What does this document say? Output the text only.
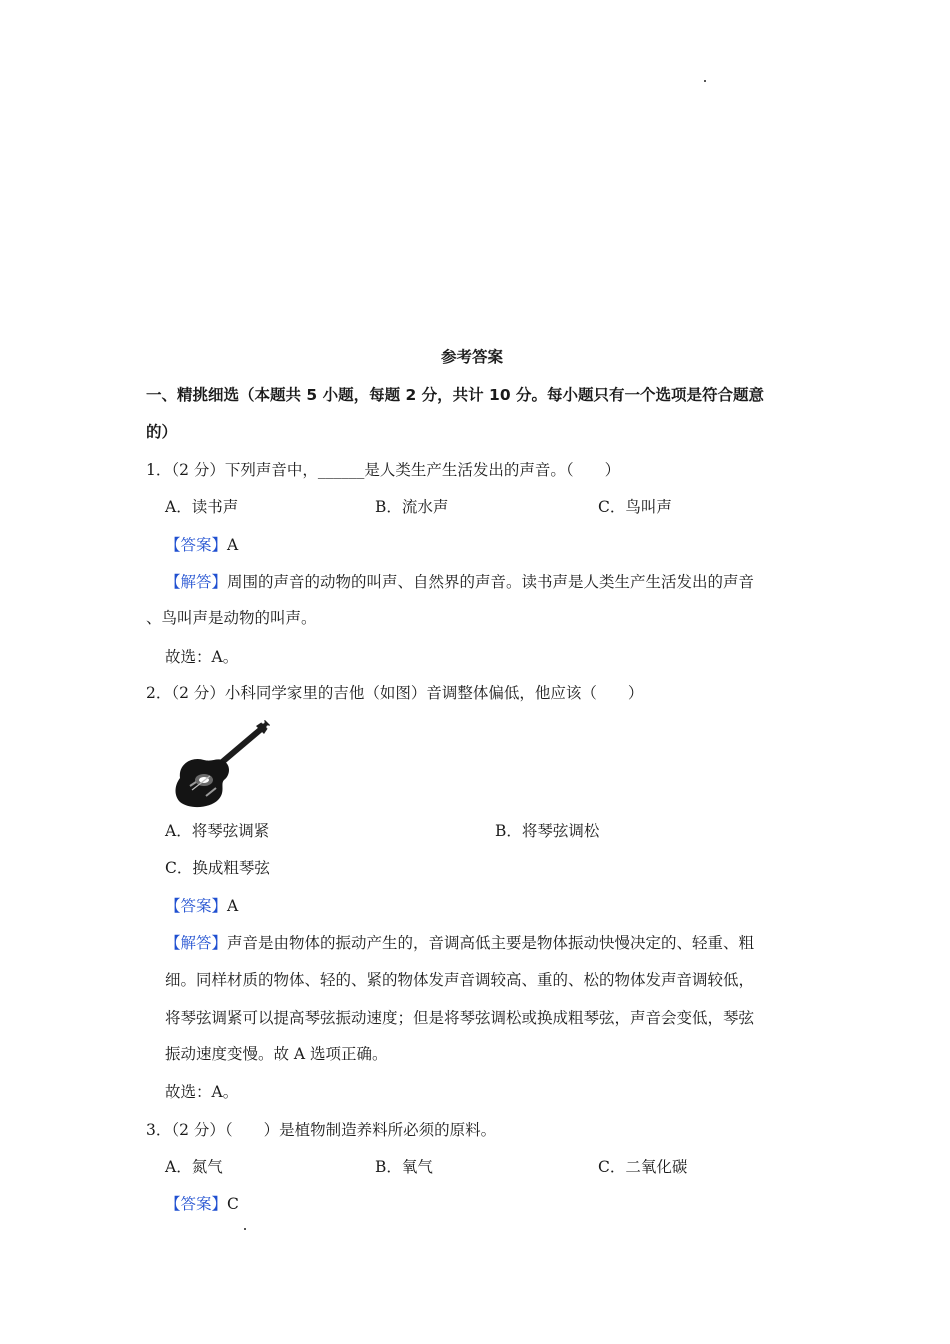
参考答案
一、精挑细选（本题共 5 小题，每题 2 分，共计 10 分。每小题只有一个选项是符合题意
的）
1．（2 分）下列声音中，______是人类生产生活发出的声音。（　　）
A．读书声	B．流水声	C．鸟叫声
【答案】A
【解答】周围的声音的动物的叫声、自然界的声音。读书声是人类生产生活发出的声音
、鸟叫声是动物的叫声。
故选：A。
2．（2 分）小科同学家里的吉他（如图）音调整体偏低，他应该（　　）
A．将琴弦调紧	B．将琴弦调松
C．换成粗琴弦
【答案】A
【解答】声音是由物体的振动产生的，音调高低主要是物体振动快慢决定的、轻重、粗
细。同样材质的物体、轻的、紧的物体发声音调较高、重的、松的物体发声音调较低，
将琴弦调紧可以提高琴弦振动速度；但是将琴弦调松或换成粗琴弦，声音会变低，琴弦
振动速度变慢。故 A 选项正确。
故选：A。
3．（2 分）（　　）是植物制造养料所必须的原料。
A．氮气	B．氧气	C．二氧化碳
【答案】C
